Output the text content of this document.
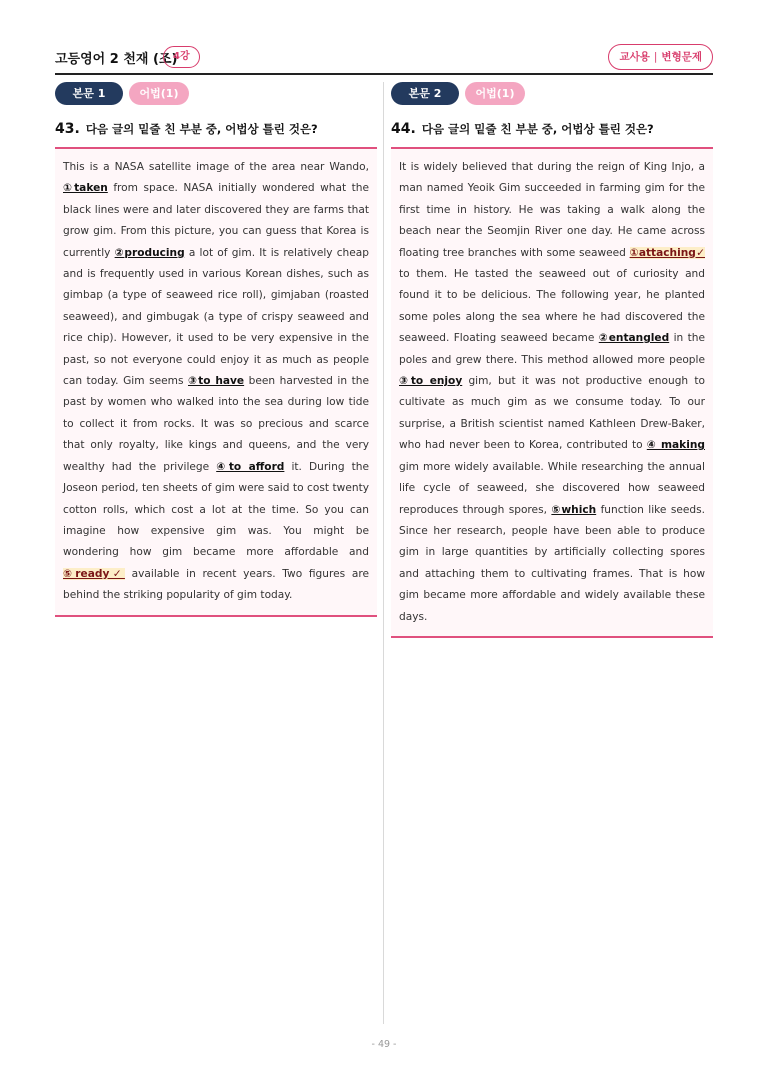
고등영어 2 천재 (조)
4강	교사용 | 변형문제
본문 1	어법(1)
43. 다음 글의 밑줄 친 부분 중, 어법상 틀린 것은?
This is a NASA satellite image of the area near Wando, ①taken from space. NASA initially wondered what the black lines were and later discovered they are farms that grow gim. From this picture, you can guess that Korea is currently ②producing a lot of gim. It is relatively cheap and is frequently used in various Korean dishes, such as gimbap (a type of seaweed rice roll), gimjaban (roasted seaweed), and gimbugak (a type of crispy seaweed and rice chip). However, it used to be very expensive in the past, so not everyone could enjoy it as much as people can today. Gim seems ③to have been harvested in the past by women who walked into the sea during low tide to collect it from rocks. It was so precious and scarce that only royalty, like kings and queens, and the very wealthy had the privilege ④to afford it. During the Joseon period, ten sheets of gim were said to cost twenty cotton rolls, which cost a lot at the time. So you can imagine how expensive gim was. You might be wondering how gim became more affordable and ⑤ready✓ available in recent years. Two figures are behind the striking popularity of gim today.
본문 2	어법(1)
44. 다음 글의 밑줄 친 부분 중, 어법상 틀린 것은?
It is widely believed that during the reign of King Injo, a man named Yeoik Gim succeeded in farming gim for the first time in history. He was taking a walk along the beach near the Seomjin River one day. He came across floating tree branches with some seaweed ①attaching✓ to them. He tasted the seaweed out of curiosity and found it to be delicious. The following year, he planted some poles along the sea where he had discovered the seaweed. Floating seaweed became ②entangled in the poles and grew there. This method allowed more people ③to enjoy gim, but it was not productive enough to cultivate as much gim as we consume today. To our surprise, a British scientist named Kathleen Drew-Baker, who had never been to Korea, contributed to ④ making gim more widely available. While researching the annual life cycle of seaweed, she discovered how seaweed reproduces through spores, ⑤which function like seeds. Since her research, people have been able to produce gim in large quantities by artificially collecting spores and attaching them to cultivating frames. That is how gim became more affordable and widely available these days.
- 49 -
